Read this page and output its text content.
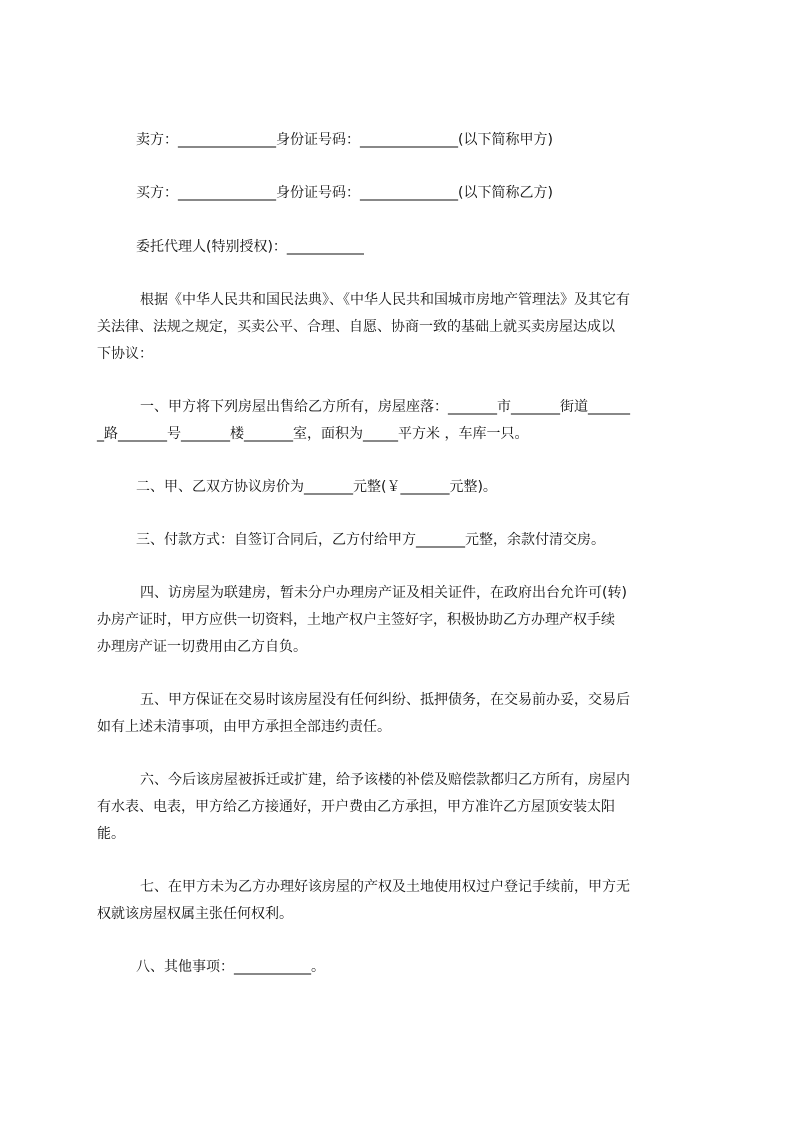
卖方：______________身份证号码：______________(以下简称甲方)
买方：______________身份证号码：______________(以下简称乙方)
委托代理人(特别授权)：___________
根据《中华人民共和国民法典》、《中华人民共和国城市房地产管理法》及其它有
关法律、法规之规定，买卖公平、合理、自愿、协商一致的基础上就买卖房屋达成以
下协议：
一、甲方将下列房屋出售给乙方所有，房屋座落：_______市_______街道______
_路_______号_______楼_______室，面积为_____平方米 ，车库一只。
二、甲、乙双方协议房价为_______元整(￥_______元整)。
三、付款方式：自签订合同后，乙方付给甲方_______元整，余款付清交房。
四、访房屋为联建房，暂未分户办理房产证及相关证件，在政府出台允许可(转)
办房产证时，甲方应供一切资料，土地产权户主签好字，积极协助乙方办理产权手续
办理房产证一切费用由乙方自负。
五、甲方保证在交易时该房屋没有任何纠纷、抵押债务，在交易前办妥，交易后
如有上述未清事项，由甲方承担全部违约责任。
六、今后该房屋被拆迁或扩建，给予该楼的补偿及赔偿款都归乙方所有，房屋内
有水表、电表，甲方给乙方接通好，开户费由乙方承担，甲方准许乙方屋顶安装太阳
能。
七、在甲方未为乙方办理好该房屋的产权及土地使用权过户登记手续前，甲方无
权就该房屋权属主张任何权利。
八、其他事项：___________。
